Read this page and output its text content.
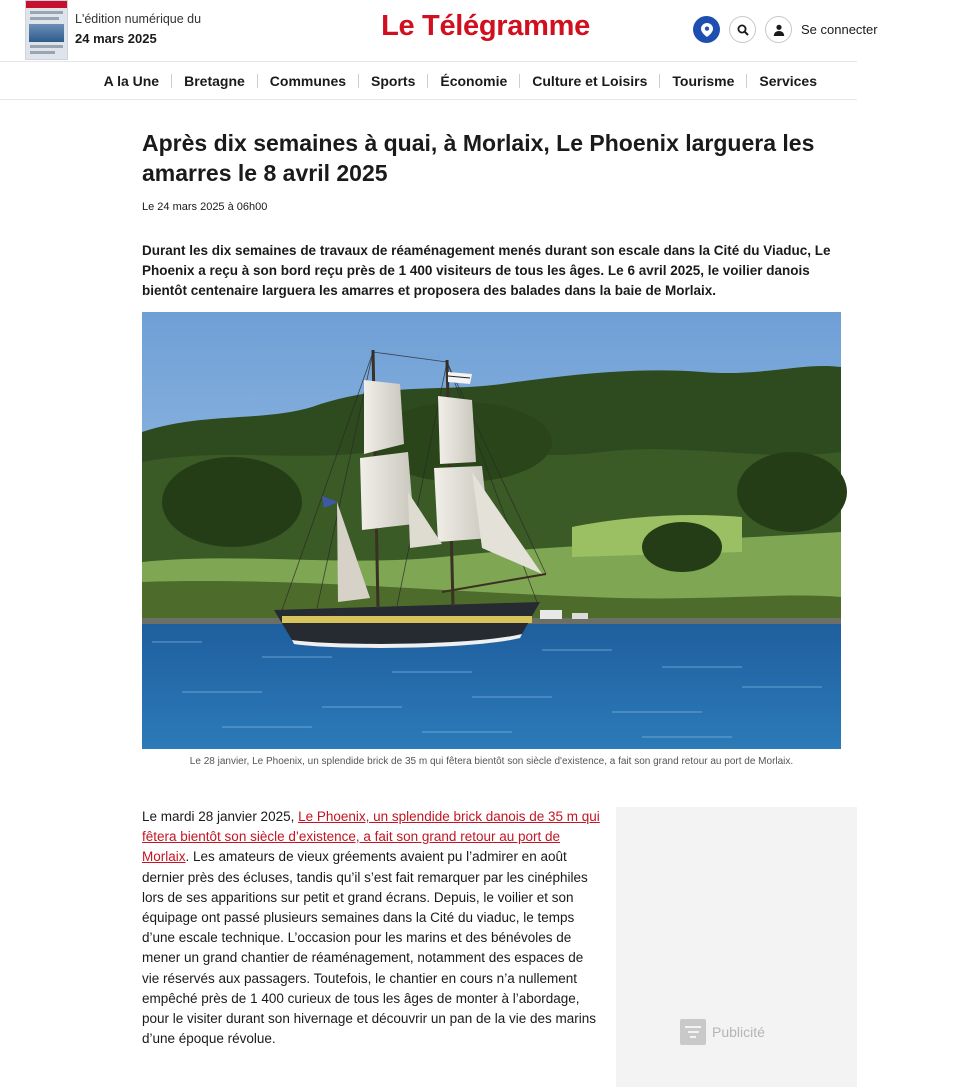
L'édition numérique du
24 mars 2025	Le Télégramme	Se connecter
A la Une	Bretagne	Communes	Sports	Économie	Culture et Loisirs	Tourisme	Services
Après dix semaines à quai, à Morlaix, Le Phoenix larguera les amarres le 8 avril 2025
Le 24 mars 2025 à 06h00

Durant les dix semaines de travaux de réaménagement menés durant son escale dans la Cité du Viaduc, Le Phoenix a reçu à son bord reçu près de 1 400 visiteurs de tous les âges. Le 6 avril 2025, le voilier danois bientôt centenaire larguera les amarres et proposera des balades dans la baie de Morlaix.

Le 28 janvier, Le Phoenix, un splendide brick de 35 m qui fêtera bientôt son siècle d'existence, a fait son grand retour au port de Morlaix.
Le mardi 28 janvier 2025, Le Phoenix, un splendide brick danois de 35 m qui fêtera bientôt son siècle d’existence, a fait son grand retour au port de Morlaix. Les amateurs de vieux gréements avaient pu l’admirer en août dernier près des écluses, tandis qu’il s’est fait remarquer par les cinéphiles lors de ses apparitions sur petit et grand écrans. Depuis, le voilier et son équipage ont passé plusieurs semaines dans la Cité du viaduc, le temps d’une escale technique. L’occasion pour les marins et des bénévoles de mener un grand chantier de réaménagement, notamment des espaces de vie réservés aux passagers. Toutefois, le chantier en cours n’a nullement empêché près de 1 400 curieux de tous les âges de monter à l’abordage, pour le visiter durant son hivernage et découvrir un pan de la vie des marins d’une époque révolue.	Publicité
